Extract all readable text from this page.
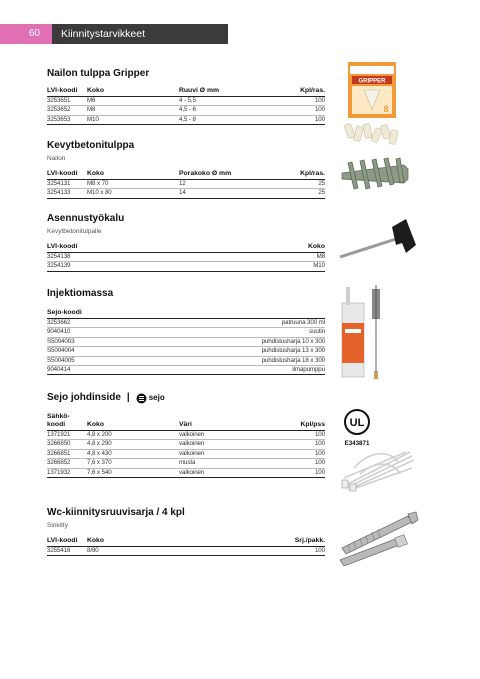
60	Kiinnitystarvikkeet
Nailon tulppa Gripper
LVI-koodi	Koko	Ruuvi Ø mm	Kpl/ras.
3253651	M6	4 - 5,5	100
3253652	M8	4,5 - 6	100
3253653	M10	4,5 - 8	100
Kevytbetonitulppa
Nailon
LVI-koodi	Koko	Porakoko Ø mm	Kpl/ras.
3254131	M8 x 70	12	25
3254133	M10 x 80	14	25
Asennustyökalu
Kevytbetonitulpalle
LVI-koodi	Koko
3254138	M8
3254139	M10
Injektiomassa
Sejo-koodi	
3253662	patruuna 300 ml
9040410	suutin
S5004003	puhdistusharja 10 x 300
S5004004	puhdistusharja 13 x 300
S5004005	puhdistusharja 18 x 300
9040414	ilmapumppu
Sejo johdinside | sejo
Sähkö-
koodi	Koko	Väri	Kpl/pss
1371921	4,8 x 200	valkoinen	100
3266850	4,8 x 290	valkoinen	100
3266851	4,8 x 430	valkoinen	100
3266852	7,6 x 370	musta	100
1371932	7,6 x 540	valkoinen	100
Wc-kiinnitysruuvisarja / 4 kpl
Sinkitty
LVI-koodi	Koko		Srj./pakk.
3255416	8/80		100
GRIPPER
8
UL
E343871
